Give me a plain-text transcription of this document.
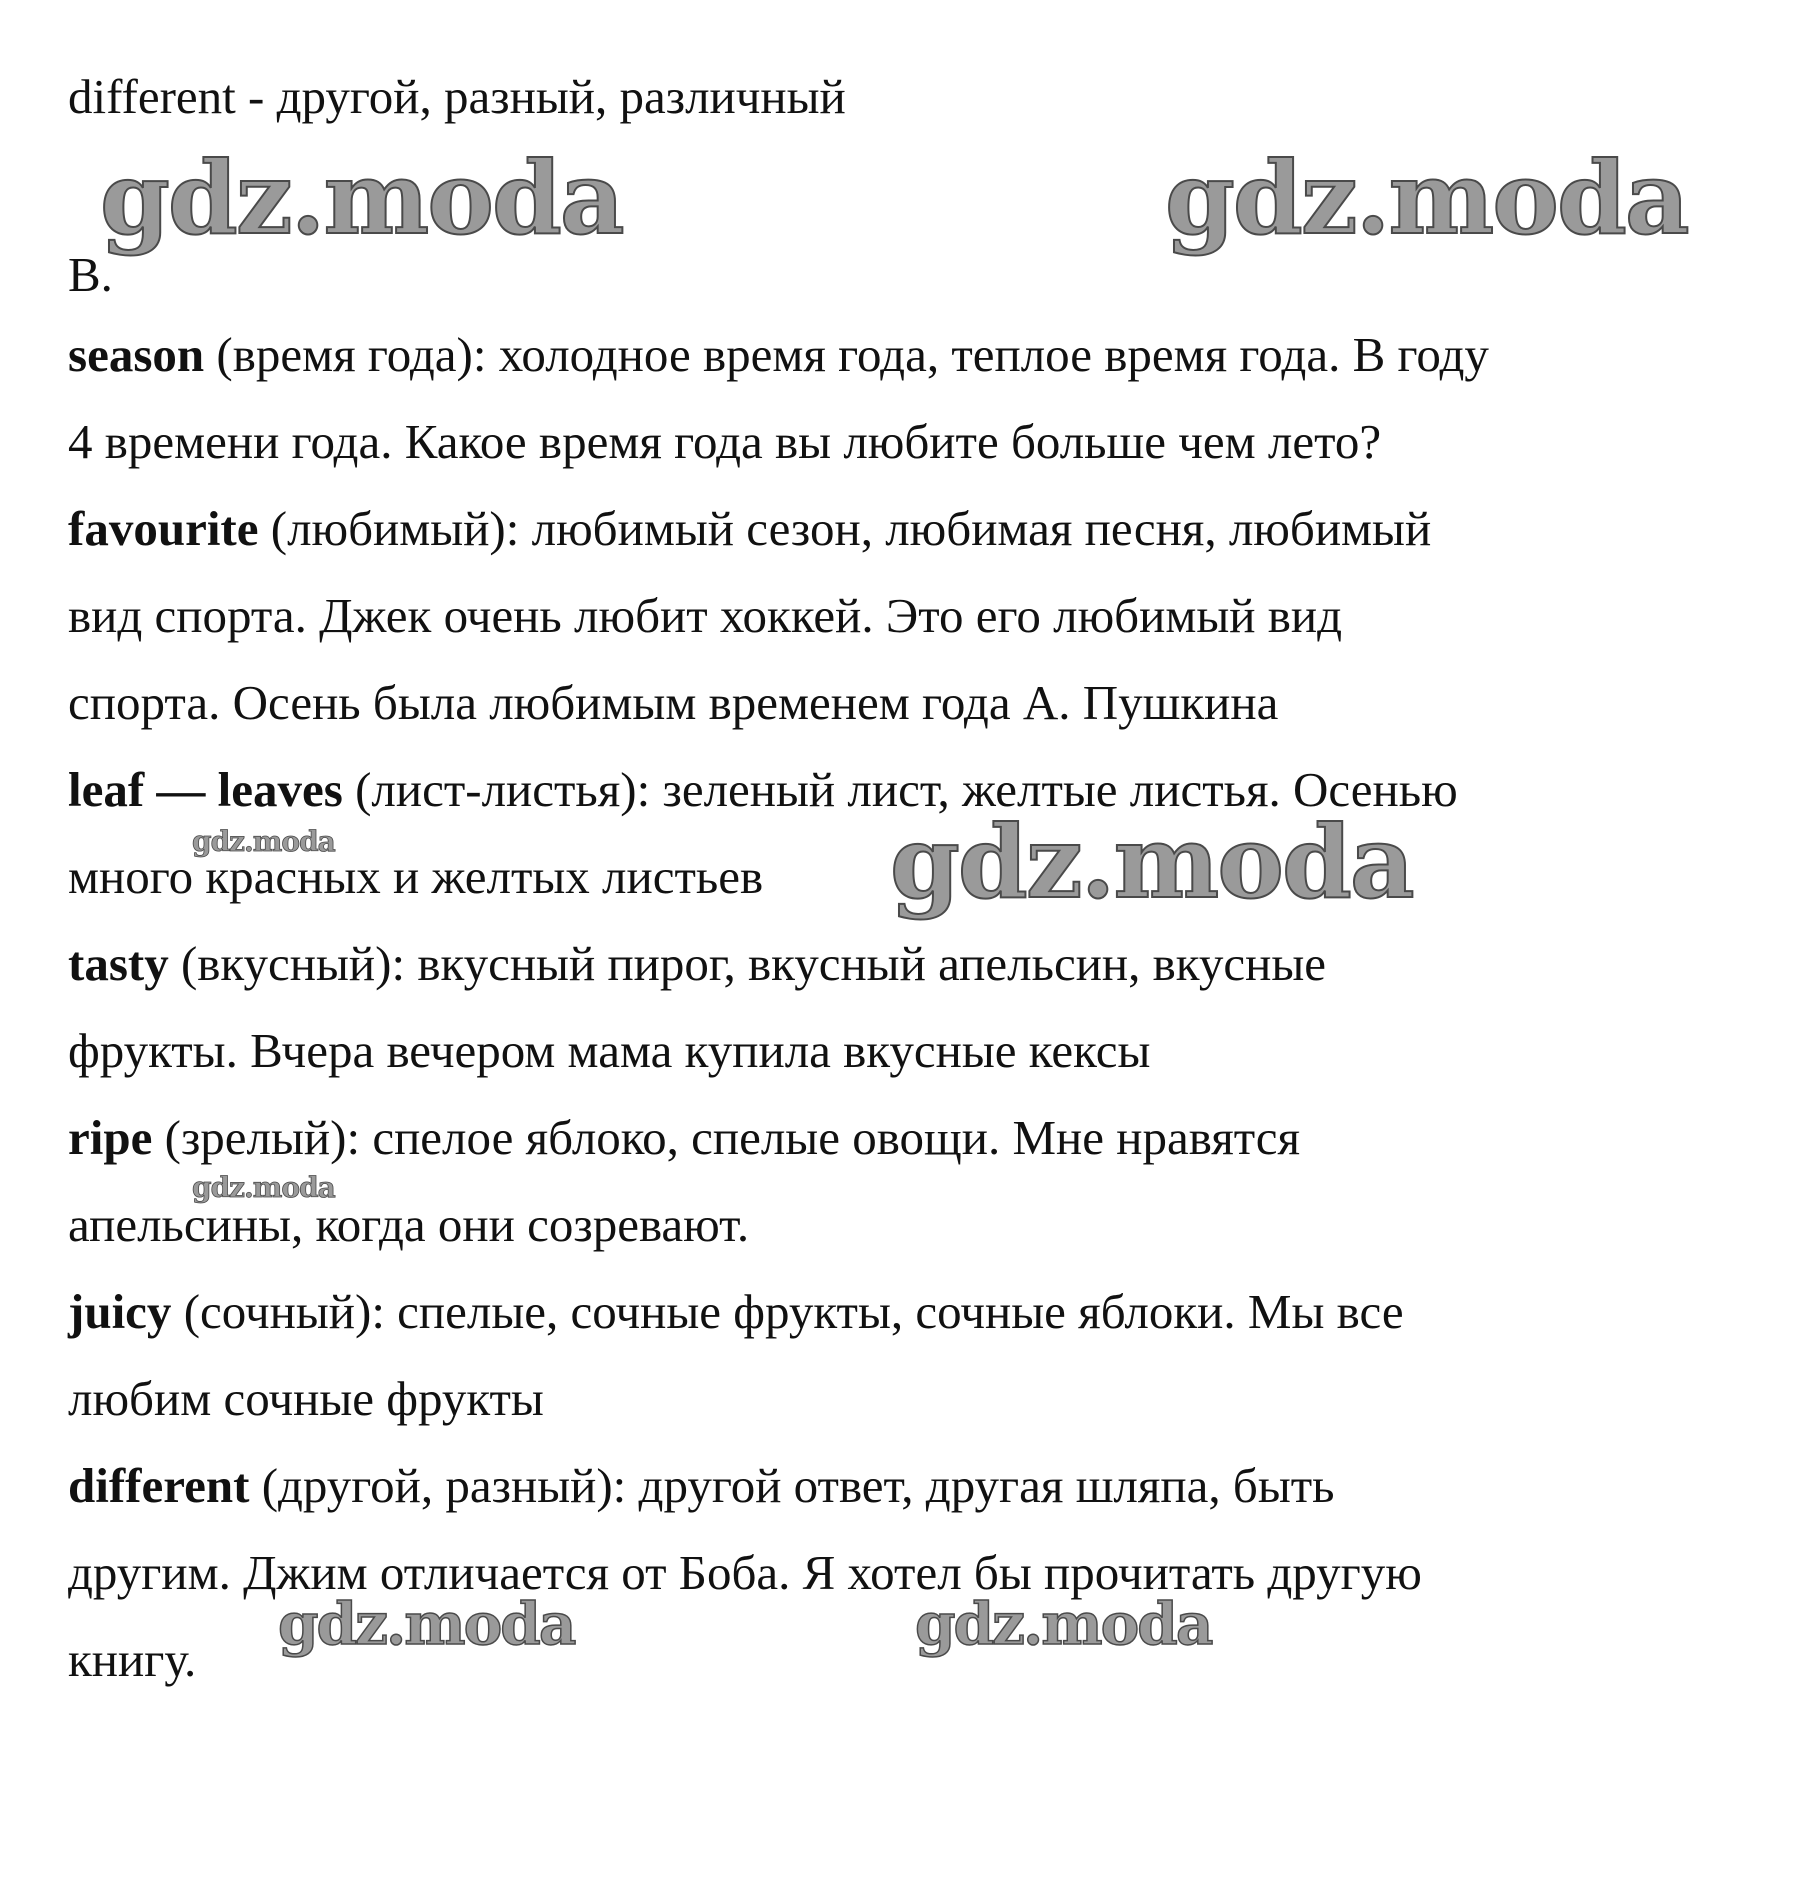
different - другой, разный, различный
B.
season (время года): холодное время года, теплое время года. В году
4 времени года. Какое время года вы любите больше чем лето?
favourite (любимый): любимый сезон, любимая песня, любимый
вид спорта. Джек очень любит хоккей. Это его любимый вид
спорта. Осень была любимым временем года А. Пушкина
leaf — leaves (лист-листья): зеленый лист, желтые листья. Осенью
много красных и желтых листьев
tasty (вкусный): вкусный пирог, вкусный апельсин, вкусные
фрукты. Вчера вечером мама купила вкусные кексы
ripe (зрелый): спелое яблоко, спелые овощи. Мне нравятся
апельсины, когда они созревают.
juicy (сочный): спелые, сочные фрукты, сочные яблоки. Мы все
любим сочные фрукты
different (другой, разный): другой ответ, другая шляпа, быть
другим. Джим отличается от Боба. Я хотел бы прочитать другую
книгу.
gdz.moda	gdz.moda
gdz.moda
gdz.moda
gdz.moda
gdz.moda	gdz.moda
